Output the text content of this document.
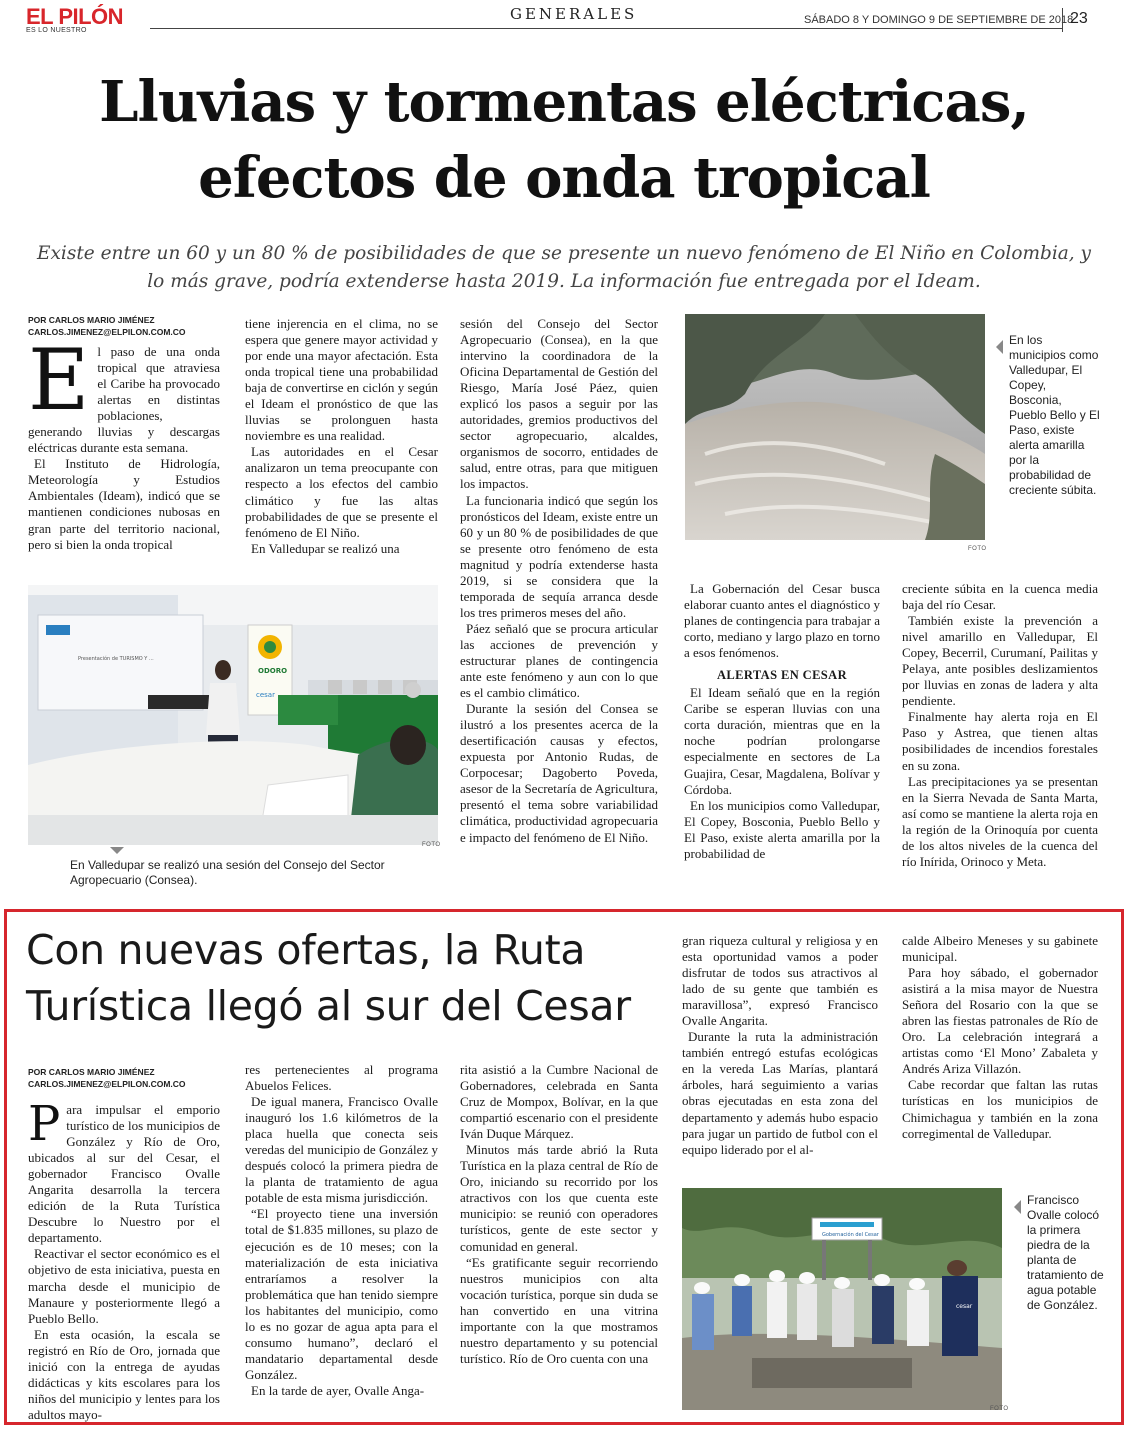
EL PILÓN
ES LO NUESTRO
GENERALES	SÁBADO 8 Y DOMINGO 9 DE SEPTIEMBRE DE 2018
23
Lluvias y tormentas eléctricas,
efectos de onda tropical
Existe entre un 60 y un 80 % de posibilidades de que se presente un nuevo fenómeno de El Niño en Colombia, y lo más grave, podría extenderse hasta 2019. La información fue entregada por el Ideam.
POR CARLOS MARIO JIMÉNEZ
CARLOS.JIMENEZ@ELPILON.COM.CO
E l paso de una onda tropical que atraviesa el Caribe ha provocado alertas en distintas poblaciones, generando lluvias y descargas eléctricas durante esta semana.

El Instituto de Hidrología, Meteorología y Estudios Ambientales (Ideam), indicó que se mantienen condiciones nubosas en gran parte del territorio nacional, pero si bien la onda tropical

tiene injerencia en el clima, no se espera que genere mayor actividad y por ende una mayor afectación. Esta onda tropical tiene una probabilidad baja de convertirse en ciclón y según el Ideam el pronóstico de que las lluvias se prolonguen hasta noviembre es una realidad.

Las autoridades en el Cesar analizaron un tema preocupante con respecto a los efectos del cambio climático y fue las altas probabilidades de que se presente el fenómeno de El Niño.

En Valledupar se realizó una

sesión del Consejo del Sector Agropecuario (Consea), en la que intervino la coordinadora de la Oficina Departamental de Gestión del Riesgo, María José Páez, quien explicó los pasos a seguir por las autoridades, gremios productivos del sector agropecuario, alcaldes, organismos de socorro, entidades de salud, entre otras, para que mitiguen los impactos.

La funcionaria indicó que según los pronósticos del Ideam, existe entre un 60 y un 80 % de posibilidades de que se presente otro fenómeno de esta magnitud y podría extenderse hasta 2019, si se considera que la temporada de sequía arranca desde los tres primeros meses del año.

Páez señaló que se procura articular las acciones de prevención y estructurar planes de contingencia ante este fenómeno y aun con lo que es el cambio climático.

Durante la sesión del Consea se ilustró a los presentes acerca de la desertificación causas y efectos, expuesta por Antonio Rudas, de Corpocesar; Dagoberto Poveda, asesor de la Secretaría de Agricultura, presentó el tema sobre variabilidad climática, productividad agropecuaria e impacto del fenómeno de El Niño.

FOTO
En los municipios como Valledupar, El Copey, Bosconia, Pueblo Bello y El Paso, existe alerta amarilla por la probabilidad de creciente súbita.

La Gobernación del Cesar busca elaborar cuanto antes el diagnóstico y planes de contingencia para trabajar a corto, mediano y largo plazo en torno a esos fenómenos.

ALERTAS EN CESAR

El Ideam señaló que en la región Caribe se esperan lluvias con una corta duración, mientras que en la noche podrían prolongarse especialmente en sectores de La Guajira, Cesar, Magdalena, Bolívar y Córdoba.

En los municipios como Valledupar, El Copey, Bosconia, Pueblo Bello y El Paso, existe alerta amarilla por la probabilidad de

creciente súbita en la cuenca media baja del río Cesar.

También existe la prevención a nivel amarillo en Valledupar, El Copey, Becerril, Curumaní, Pailitas y Pelaya, ante posibles deslizamientos por lluvias en zonas de ladera y alta pendiente.

Finalmente hay alerta roja en El Paso y Astrea, que tienen altas posibilidades de incendios forestales en su zona.

Las precipitaciones ya se presentan en la Sierra Nevada de Santa Marta, así como se mantiene la alerta roja en la región de la Orinoquía por cuenta de los altos niveles de la cuenca del río Inírida, Orinoco y Meta.

Presentación de TURISMO Y ...
ODORO
cesar
FOTO
En Valledupar se realizó una sesión del Consejo del Sector Agropecuario (Consea).
Con nuevas ofertas, la Ruta
Turística llegó al sur del Cesar
POR CARLOS MARIO JIMÉNEZ
CARLOS.JIMENEZ@ELPILON.COM.CO
P ara impulsar el emporio turístico de los municipios de González y Río de Oro, ubicados al sur del Cesar, el gobernador Francisco Ovalle Angarita desarrolla la tercera edición de la Ruta Turística Descubre lo Nuestro por el departamento.

Reactivar el sector económico es el objetivo de esta iniciativa, puesta en marcha desde el municipio de Manaure y posteriormente llegó a Pueblo Bello.

En esta ocasión, la escala se registró en Río de Oro, jornada que inició con la entrega de ayudas didácticas y kits escolares para los niños del municipio y lentes para los adultos mayo-

res pertenecientes al programa Abuelos Felices.

De igual manera, Francisco Ovalle inauguró los 1.6 kilómetros de la placa huella que conecta seis veredas del municipio de González y después colocó la primera piedra de la planta de tratamiento de agua potable de esta misma jurisdicción.

“El proyecto tiene una inversión total de $1.835 millones, su plazo de ejecución es de 10 meses; con la materialización de esta iniciativa entraríamos a resolver la problemática que han tenido siempre los habitantes del municipio, como lo es no gozar de agua apta para el consumo humano”, declaró el mandatario departamental desde González.

En la tarde de ayer, Ovalle Anga-

rita asistió a la Cumbre Nacional de Gobernadores, celebrada en Santa Cruz de Mompox, Bolívar, en la que compartió escenario con el presidente Iván Duque Márquez.

Minutos más tarde abrió la Ruta Turística en la plaza central de Río de Oro, iniciando su recorrido por los atractivos con los que cuenta este municipio: se reunió con operadores turísticos, gente de este sector y comunidad en general.

“Es gratificante seguir recorriendo nuestros municipios con alta vocación turística, porque sin duda se han convertido en una vitrina importante con la que mostramos nuestro departamento y su potencial turístico. Río de Oro cuenta con una

gran riqueza cultural y religiosa y en esta oportunidad vamos a poder disfrutar de todos sus atractivos al lado de su gente que también es maravillosa”, expresó Francisco Ovalle Angarita.

Durante la ruta la administración también entregó estufas ecológicas en la vereda Las Marías, plantará árboles, hará seguimiento a varias obras ejecutadas en esta zona del departamento y además hubo espacio para jugar un partido de futbol con el equipo liderado por el al-

calde Albeiro Meneses y su gabinete municipal.

Para hoy sábado, el gobernador asistirá a la misa mayor de Nuestra Señora del Rosario con la que se abren las fiestas patronales de Río de Oro. La celebración integrará a artistas como ‘El Mono’ Zabaleta y Andrés Ariza Villazón.

Cabe recordar que faltan las rutas turísticas en los municipios de Chimichagua y también en la zona corregimental de Valledupar.

Gobernación del Cesar
cesar
FOTO
Francisco Ovalle colocó la primera piedra de la planta de tratamiento de agua potable de González.
